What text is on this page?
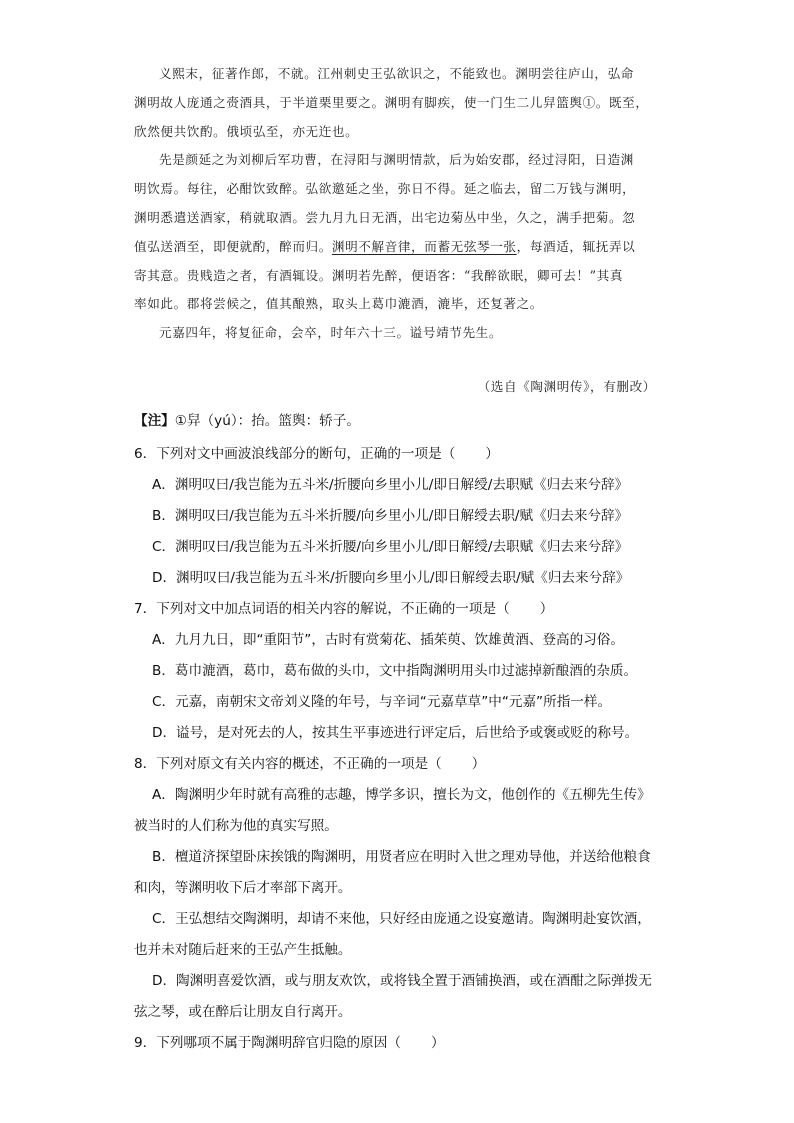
义熙末，征著作郎，不就。江州刺史王弘欲识之，不能致也。渊明尝往庐山，弘命
渊明故人庞通之赍酒具，于半道栗里要之。渊明有脚疾，使一门生二儿舁篮舆①。既至，
欣然便共饮酌。俄顷弘至，亦无迕也。

先是颜延之为刘柳后军功曹，在浔阳与渊明情款，后为始安郡，经过浔阳，日造渊
明饮焉。每往，必酣饮致醉。弘欲邀延之坐，弥日不得。延之临去，留二万钱与渊明，
渊明悉遣送酒家，稍就取酒。尝九月九日无酒，出宅边菊丛中坐，久之，满手把菊。忽
值弘送酒至，即便就酌，醉而归。渊明不解音律，而蓄无弦琴一张，每酒适，辄抚弄以
寄其意。贵贱造之者，有酒辄设。渊明若先醉，便语客：“我醉欲眠，卿可去！”其真
率如此。郡将尝候之，值其酿熟，取头上葛巾漉酒，漉毕，还复著之。

元嘉四年，将复征命，会卒，时年六十三。谥号靖节先生。

（选自《陶渊明传》，有删改）
【注】①舁（yú）：抬。篮舆：轿子。
6．下列对文中画波浪线部分的断句，正确的一项是（ ）
A．渊明叹曰/我岂能为五斗米/折腰向乡里小儿/即日解绶/去职赋《归去来兮辞》
B．渊明叹曰/我岂能为五斗米折腰/向乡里小儿/即日解绶去职/赋《归去来兮辞》
C．渊明叹曰/我岂能为五斗米折腰/向乡里小儿/即日解绶/去职赋《归去来兮辞》
D．渊明叹曰/我岂能为五斗米/折腰向乡里小儿/即日解绶去职/赋《归去来兮辞》
7．下列对文中加点词语的相关内容的解说，不正确的一项是（ ）
A．九月九日，即“重阳节”，古时有赏菊花、插茱萸、饮雄黄酒、登高的习俗。
B．葛巾漉酒，葛巾，葛布做的头巾，文中指陶渊明用头巾过滤掉新酿酒的杂质。
C．元嘉，南朝宋文帝刘义隆的年号，与辛词“元嘉草草”中“元嘉”所指一样。
D．谥号，是对死去的人，按其生平事迹进行评定后，后世给予或褒或贬的称号。
8．下列对原文有关内容的概述，不正确的一项是（ ）
A．陶渊明少年时就有高雅的志趣，博学多识，擅长为文，他创作的《五柳先生传》
被当时的人们称为他的真实写照。
B．檀道济探望卧床挨饿的陶渊明，用贤者应在明时入世之理劝导他，并送给他粮食
和肉，等渊明收下后才率部下离开。
C．王弘想结交陶渊明，却请不来他，只好经由庞通之设宴邀请。陶渊明赴宴饮酒，
也并未对随后赶来的王弘产生抵触。
D．陶渊明喜爱饮酒，或与朋友欢饮，或将钱全置于酒铺换酒，或在酒酣之际弹拨无
弦之琴，或在醉后让朋友自行离开。
9．下列哪项不属于陶渊明辞官归隐的原因（ ）
